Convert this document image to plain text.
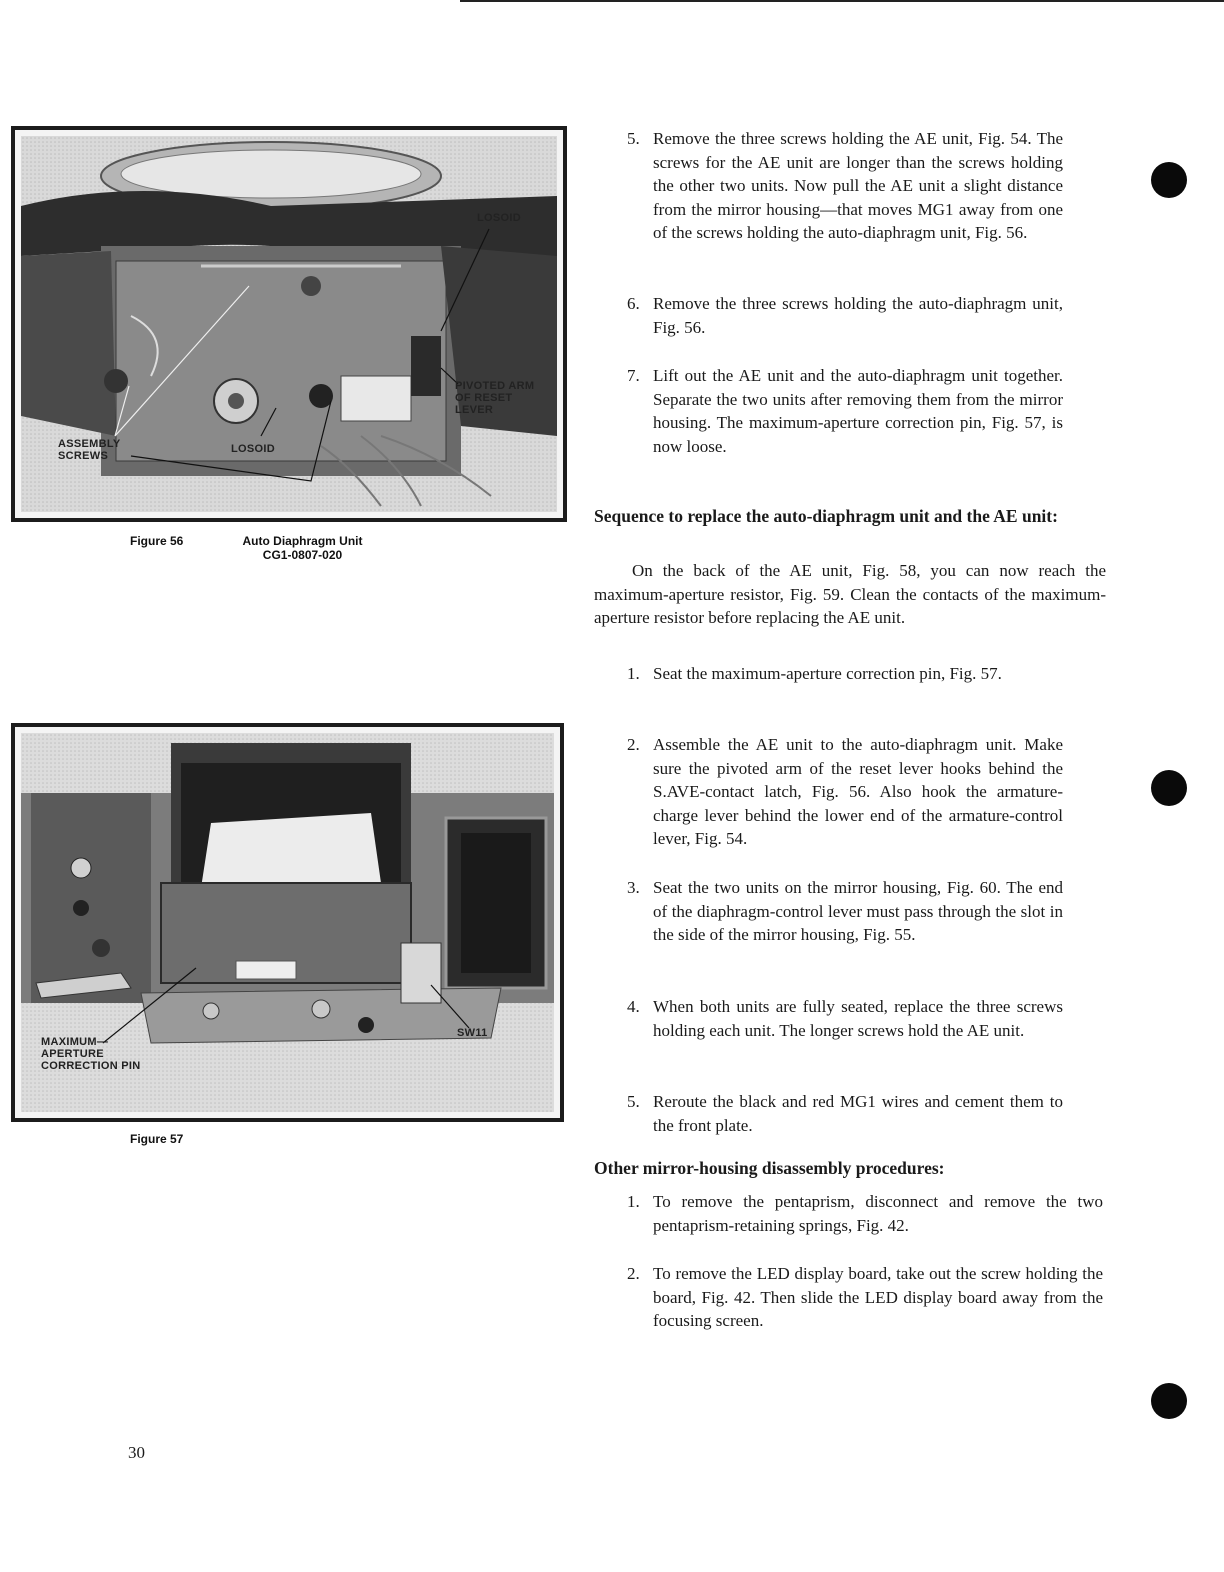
LOSOID
PIVOTED ARM
OF RESET
LEVER
ASSEMBLY
SCREWS
LOSOID
Figure 56	Auto Diaphragm Unit
CG1-0807-020
MAXIMUM—
APERTURE
CORRECTION PIN
SW11
Figure 57
5. Remove the three screws holding the AE unit, Fig. 54. The screws for the AE unit are longer than the screws holding the other two units. Now pull the AE unit a slight distance from the mirror housing—that moves MG1 away from one of the screws holding the auto-diaphragm unit, Fig. 56.
6. Remove the three screws holding the auto-diaphragm unit, Fig. 56.
7. Lift out the AE unit and the auto-diaphragm unit together. Separate the two units after removing them from the mirror housing. The maximum-aperture correction pin, Fig. 57, is now loose.
Sequence to replace the auto-diaphragm unit and the AE unit:
On the back of the AE unit, Fig. 58, you can now reach the maximum-aperture resistor, Fig. 59. Clean the contacts of the maximum-aperture resistor before replacing the AE unit.
1. Seat the maximum-aperture correction pin, Fig. 57.
2. Assemble the AE unit to the auto-diaphragm unit. Make sure the pivoted arm of the reset lever hooks behind the S.AVE-contact latch, Fig. 56. Also hook the armature-charge lever behind the lower end of the armature-control lever, Fig. 54.
3. Seat the two units on the mirror housing, Fig. 60. The end of the diaphragm-control lever must pass through the slot in the side of the mirror housing, Fig. 55.
4. When both units are fully seated, replace the three screws holding each unit. The longer screws hold the AE unit.
5. Reroute the black and red MG1 wires and cement them to the front plate.
Other mirror-housing disassembly procedures:
1. To remove the pentaprism, disconnect and remove the two pentaprism-retaining springs, Fig. 42.
2. To remove the LED display board, take out the screw holding the board, Fig. 42. Then slide the LED display board away from the focusing screen.
30
